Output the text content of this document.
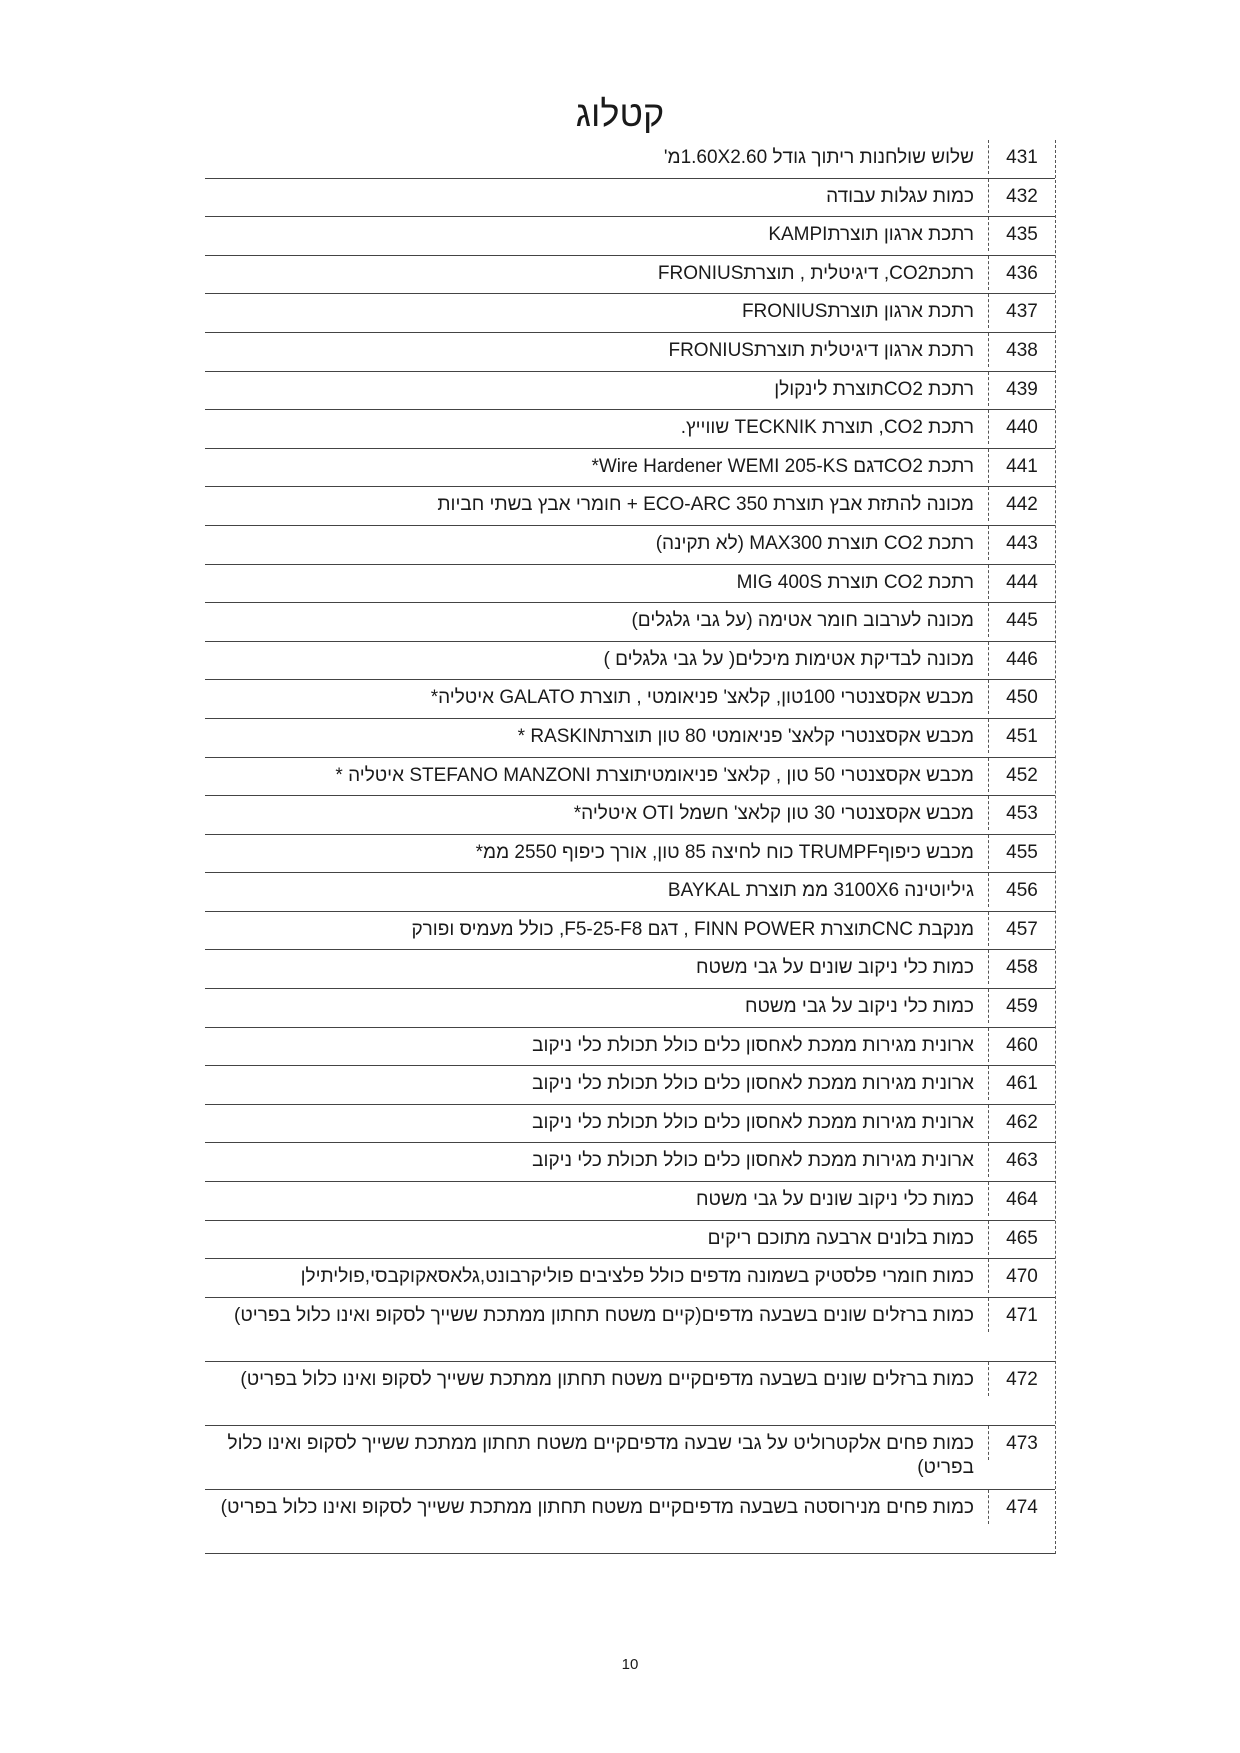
קטלוג
431
שלוש שולחנות ריתוך גודל 1.60X2.60מ'
432
כמות עגלות עבודה
435
רתכת ארגון תוצרתKAMPI
436
רתכתCO2, דיגיטלית , תוצרתFRONIUS
437
רתכת ארגון תוצרתFRONIUS
438
רתכת ארגון דיגיטלית תוצרתFRONIUS
439
רתכת CO2תוצרת לינקולן
440
רתכת CO2, תוצרת TECKNIK שווייץ.
441
רתכת CO2דגם Wire Hardener WEMI 205-KS*
442
מכונה להתזת אבץ תוצרת ECO-ARC 350 + חומרי אבץ בשתי חביות
443
רתכת CO2 תוצרת MAX300 (לא תקינה)
444
רתכת CO2 תוצרת MIG 400S
445
מכונה לערבוב חומר אטימה (על גבי גלגלים)
446
מכונה לבדיקת אטימות מיכלים( על גבי גלגלים )
450
מכבש אקסצנטרי 100טון, קלאצ' פניאומטי , תוצרת GALATO איטליה*
451
מכבש אקסצנטרי קלאצ' פניאומטי 80 טון תוצרתRASKIN *
452
מכבש אקסצנטרי 50 טון , קלאצ' פניאומטיתוצרת STEFANO MANZONI איטליה *
453
מכבש אקסצנטרי 30 טון קלאצ' חשמל OTI איטליה*
455
מכבש כיפוףTRUMPF כוח לחיצה 85 טון, אורך כיפוף 2550 ממ*
456
גיליוטינה 3100X6 ממ תוצרת BAYKAL
457
מנקבת CNCתוצרת FINN POWER , דגם F5-25-F8, כולל מעמיס ופורק
458
כמות כלי ניקוב שונים על גבי משטח
459
כמות כלי ניקוב על גבי משטח
460
ארונית מגירות ממכת לאחסון כלים כולל תכולת כלי ניקוב
461
ארונית מגירות ממכת לאחסון כלים כולל תכולת כלי ניקוב
462
ארונית מגירות ממכת לאחסון כלים כולל תכולת כלי ניקוב
463
ארונית מגירות ממכת לאחסון כלים כולל תכולת כלי ניקוב
464
כמות כלי ניקוב שונים על גבי משטח
465
כמות בלונים ארבעה מתוכם ריקים
470
כמות חומרי פלסטיק בשמונה מדפים כולל פלציבים פוליקרבונט,גלאסאקוקבסי,פוליתילן
471
כמות ברזלים שונים בשבעה מדפים(קיים משטח תחתון ממתכת ששייך לסקופ ואינו כלול בפריט)
472
כמות ברזלים שונים בשבעה מדפיםקיים משטח תחתון ממתכת ששייך לסקופ ואינו כלול בפריט)
473
כמות פחים אלקטרוליט על גבי שבעה מדפיםקיים משטח תחתון ממתכת ששייך לסקופ ואינו כלול בפריט)
474
כמות פחים מנירוסטה בשבעה מדפיםקיים משטח תחתון ממתכת ששייך לסקופ ואינו כלול בפריט)
10
